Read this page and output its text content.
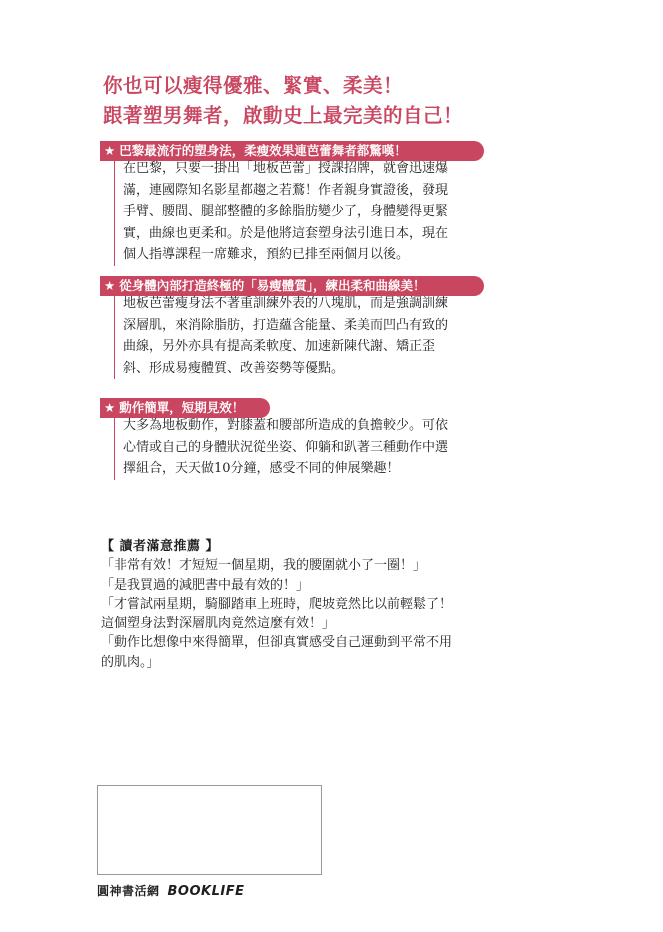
你也可以瘦得優雅、緊實、柔美！
跟著塑男舞者，啟動史上最完美的自己！
★ 巴黎最流行的塑身法，柔瘦效果連芭蕾舞者都驚嘆！
在巴黎，只要一掛出「地板芭蕾」授課招牌，就會迅速爆
滿，連國際知名影星都趨之若鶩！作者親身實證後，發現
手臂、腰間、腿部整體的多餘脂肪變少了，身體變得更緊
實，曲線也更柔和。於是他將這套塑身法引進日本，現在
個人指導課程一席難求，預約已排至兩個月以後。
★ 從身體內部打造終極的「易瘦體質」，練出柔和曲線美！
地板芭蕾瘦身法不著重訓練外表的八塊肌，而是強調訓練
深層肌，來消除脂肪，打造蘊含能量、柔美而凹凸有致的
曲線，另外亦具有提高柔軟度、加速新陳代謝、矯正歪
斜、形成易瘦體質、改善姿勢等優點。
★ 動作簡單，短期見效！
大多為地板動作，對膝蓋和腰部所造成的負擔較少。可依
心情或自己的身體狀況從坐姿、仰躺和趴著三種動作中選
擇組合，天天做10分鐘，感受不同的伸展樂趣！
【 讀者滿意推薦 】
「非常有效！才短短一個星期，我的腰圍就小了一圈！」
「是我買過的減肥書中最有效的！」
「才嘗試兩星期，騎腳踏車上班時，爬坡竟然比以前輕鬆了！
這個塑身法對深層肌肉竟然這麼有效！」
「動作比想像中來得簡單，但卻真實感受自己運動到平常不用
的肌肉。」
圓神書活網 BOOKLIFE
